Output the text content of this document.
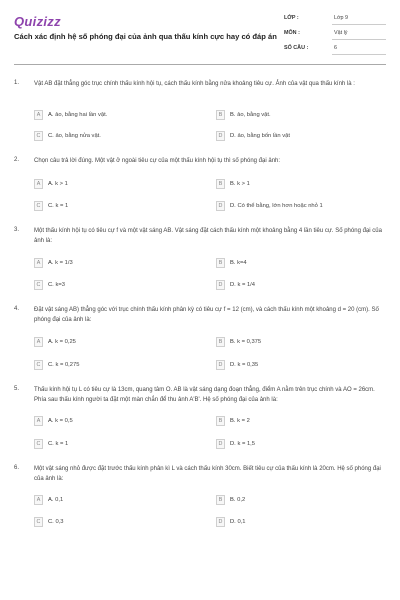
Quizizz
Cách xác định hệ số phóng đại của ảnh qua thấu kính cực hay có đáp án
LỚP :	Lớp 9
MÔN :	Vật lý
SỐ CÂU :	6
1. Vật AB đặt thẳng góc trục chính thấu kính hội tụ, cách thấu kính bằng nửa khoảng tiêu cự. Ảnh của vật qua thấu kính là :
A	A. ảo, bằng hai lần vật.	B	B. ảo, bằng vật.
C	C. ảo, bằng nửa vật.	D	D. ảo, bằng bốn lần vật
2. Chọn câu trả lời đúng. Một vật ở ngoài tiêu cự của một thấu kính hội tụ thì số phóng đại ảnh:
A	A. k > 1	B	B. k > 1
C	C. k = 1	D	D. Có thể bằng, lớn hơn hoặc nhỏ 1
3. Một thấu kính hội tụ có tiêu cự f và một vật sáng AB. Vật sáng đặt cách thấu kính một khoảng bằng 4 lần tiêu cự. Số phóng đại của ảnh là:
A	A. k = 1/3	B	B. k=4
C	C. k=3	D	D. k = 1/4
4. Đặt vật sáng AB) thẳng góc với trục chính thấu kính phân kỳ có tiêu cự f = 12 (cm), và cách thấu kính một khoảng d = 20 (cm). Số phóng đại của ảnh là:
A	A. k = 0,25	B	B. k = 0,375
C	C. k = 0,275	D	D. k = 0,35
5. Thấu kính hội tụ L có tiêu cự là 13cm, quang tâm O. AB là vật sáng dạng đoạn thẳng, điểm A nằm trên trục chính và AO = 26cm. Phía sau thấu kính người ta đặt một màn chắn để thu ảnh A'B'. Hệ số phóng đại của ảnh là:
A	A. k = 0,5	B	B. k = 2
C	C. k = 1	D	D. k = 1,5
6. Một vật sáng nhỏ được đặt trước thấu kính phân kì L và cách thấu kính 30cm. Biết tiêu cự của thấu kính là 20cm. Hệ số phóng đại của ảnh là:
A	A. 0,1	B	B. 0,2
C	C. 0,3	D	D. 0,1
